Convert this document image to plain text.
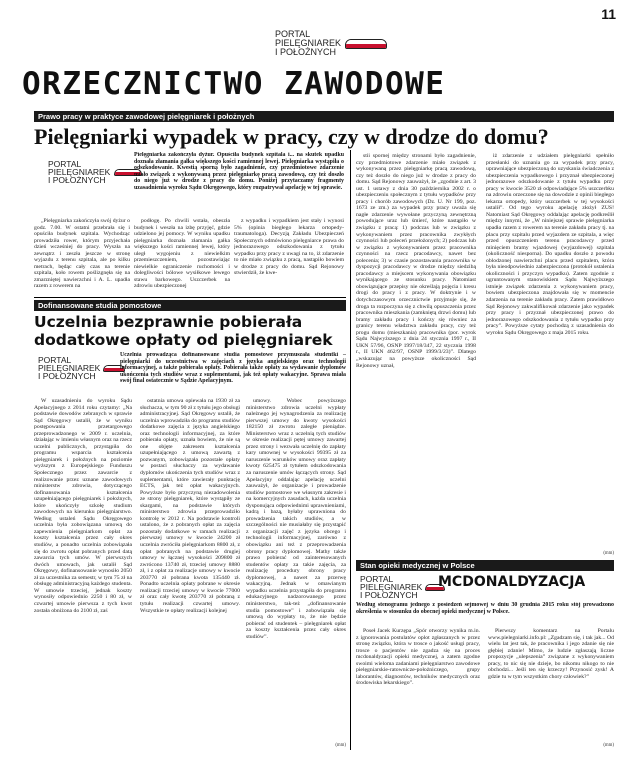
11
PORTAL
PIELĘGNIAREK
I POŁOŻNYCH
ORZECZNICTWO ZAWODOWE
Prawo pracy w praktyce zawodowej pielęgniarek i położnych
Pielęgniarki wypadek w pracy, czy w drodze do domu?
PORTAL
PIELĘGNIAREK
I POŁOŻNYCH
Pielęgniarka zakończyła dyżur. Opuściła budynek szpitala i... na skutek upadku doznała złamania gałka większego kości ramiennej lewej. Pielęgniarka wystąpiła o odszkodowanie. Kwestią sporną było zagadnienie, czy przedmiotowe zdarzenie miało związek z wykonywaną przez pielęgniarkę pracą zawodową, czy też doszło do niego już w drodze z pracy do domu. Poniżej przytaczamy fragmenty uzasadnienia wyroku Sądu Okręgowego, który rozpatrywał apelację w tej sprawie.

„Pielęgniarka zakończyła swój dyżur o godz. 7.00. W ostatni przebrała się i opuściła budynek szpitala. Wychodząc prowadziła rower, którym przyjechała dzień wcześniej do pracy. Wyszła na zewnątrz i zeszła jeszcze w stronę wyjazdu z terenu szpitala, ale po kilku metrach, będąc cały czas na terenie szpitala, koło rowem poślizgnęła się na zmarzniętej nawierzchni i A. L. upadła razem z rowerem na

podłogę. Po chwili wstała, obeszła budynek i weszła na izbę przyjęć, gdzie udzielono jej pomocy. W wyniku upadku pielęgniarka doznała złamania gałka większego kości ramiennej lewej, który uległ wygojeniu z niewielkim przemieszczeniem, pozostawiając niewielkie ograniczenie ruchomości i dolegliwości bólowe wysiłkowe lewego stawu barkowego. Uszczerbek na zdrowiu ubezpieczonej

z wypadku i wypadkiem jest stały i wynosi 5% (opinia biegłego lekarza ortopedy-traumatologa). Decyzją Zakładu Ubezpieczeń Społecznych odmówiono pielęgniarce prawa do jednorazowego odszkodowania z tytułu wypadku przy pracy z uwagi na to, iż zdarzenie to nie miało związku z pracą, nastąpiło bowiem w drodze z pracy do domu. Sąd Rejonowy stwierdził, że kwe-

stii spornej między stronami było zagadnienie, czy przedmiotowe zdarzenie miało związek z wykonywaną przez pielęgniarkę pracą zawodową, czy też doszło do niego już w drodze z pracy do domu. Sąd Rejonowy zauważył, że „zgodnie z art. 3 ust. 1 ustawy z dnia 30 października 2002 r. o ubezpieczeniu społecznym z tytułu wypadków przy pracy i chorób zawodowych (Dz. U. Nr 199, poz. 1673 ze zm.) za wypadek przy pracy uważa się nagłe zdarzenie wywołane przyczyną zewnętrzną powodujące uraz lub śmierć, które nastąpiło w związku z pracą: 1) podczas lub w związku z wykonywaniem przez pracownika zwykłych czynności lub poleceń przełożonych; 2) podczas lub w związku z wykonywaniem przez pracownika czynności na rzecz pracodawcy, nawet bez polecenia; 3) w czasie pozostawania pracownika w dyspozycji pracodawcy w drodze między siedzibą pracodawcy a miejscem wykonywania obowiązku wynikającego ze stosunku pracy. Natomiast obowiązujące przepisy nie określają pojęcia i kresu drogi do pracy i z pracy. W doktrynie i w dotychczasowym orzecznictwie przyjmuje się, że droga ta rozpoczyna się z chwilą opuszczenia przez pracownika mieszkania (zamkniętą drzwi domu) lub bramy zakładu pracy i kończy się równiez za granicy terenu władztwa zakładu pracy, czy też progu domu (mieszkania) pracownika (por. wyrok Sądu Najwyższego z dnia 24 stycznia 1997 r., II UKN 57/96, OSNP 1997/18/347, 22 stycznia 1998 r., II UKN 462/97, OSNP 1999/3/23)”. Dlatego „wskazując na powyższe okoliczności Sąd Rejonowy uznał,

iż zdarzenie z udziałem pielęgniarki spełniło przesłanki do uznania go za wypadek przy pracy, uprawniające ubezpieczoną do uzyskania świadczenia z ubezpieczenia wypadkowego i przyznał ubezpieczonej jednorazowe odszkodowanie z tytułu wypadku przy pracy w kwocie 3520 zł odpowiadające 5% uszczerbku na zdrowiu orzeczone się na dowodzie z opinii biegłego lekarza ortopedy, który uszczerbek w tej wysokości ustalił”. Od tego wyroku apelację złożył ZUS! Natomiast Sąd Okręgowy oddalając apelację podkreślił między innymi, że „W niniejszej sprawie pielęgniarka upadła razem z rowerem na terenie zakładu pracy tj. na placu przy szpitalu przed wyjazdem ze szpitala, a więc przed opuszczeniem terenu pracodawcy przed minięciem bramy wjazdowej (wyjazdowej) szpitala (okoliczność niesporna). Do upadku doszło z powodu oblodzonej nawierzchni placu przed szpitalem, która była nieodpowiednio zabezpieczona (protokół ustalenia okoliczności i przyczyn wypadku). Zatem zgodnie z ugruntowanym stanowiskiem Sądu Najwyższego istnieje związek zdarzenia z wykonywaniem pracy, bowiem ubezpieczona znajdowała się w momencie zdarzenia na terenie zakładu pracy. Zatem prawidłowo Sąd Rejonowy zakwalifikował zdarzenie jako wypadek przy pracy i przyznał ubezpieczonej prawo do jednorazowego odszkodowania z tytułu wypadku przy pracy”. Powyższe cytaty pochodzą z uzasadnienia do wyroku Sądu Okręgowego z maja 2015 roku.

(mm)
Dofinansowane studia pomostowe
Uczelnia bezprawnie pobierała dodatkowe opłaty od pielęgniarek
PORTAL
PIELĘGNIAREK
I POŁOŻNYCH
Uczelnia prowadząca dofinansowane studia pomostowe przymuszała studentki – pielęgniarki do uczestnictwa w zajęciach z języka angielskiego oraz technologii informacyjnej, a także pobierała opłaty. Pobierała także opłaty za wydawanie dyplomów ukończenia tych studiów wraz z suplementami, jak też opłaty wakacyjne. Sprawa miała swój final ostatecznie w Sądzie Apelacyjnym.

W uzasadnieniu do wyroku Sądu Apelacyjnego z 2014 roku czytamy: „Na podstawie dowodów zebranych w sprawie Sąd Okręgowy ustalił, że w wyniku postępowania przetargowego przeprowadzonego w 2009 r. uczelnia, działając w imieniu własnym oraz na rzecz uczelni publicznych, przystąpiła do programu wsparcia kształcenia pielęgniarek i położnych na poziomie wyższym z Europejskiego Funduszu Społecznego przez zawarcie z realizowanie przez uznane zawodowych ministerstw zdrowia, dotyczącego dofinansowania kształcenia uzupełniającego pielęgniarek i położnych, które ukończyły szkołę studium zawodowych na kierunku pielęgniarstwo. Według ustaleń Sądu Okręgowego uczelnia była zobowiązana umową do zapewnienia pielęgniarkom opłat za koszty kształcenia przez cały okres studiów, a ponadto uczelnia zobowiązała się do zwrotu opłat pobranych przed datą zawarcia tych umów. W pierwszych dwóch umowach, jak ustalił Sąd Okręgowy, dofinansowanie wynosiło 2050 zł za uczestnika za semestr, w tym 75 zł na obsługę administracyjną każdego studenta. W umowie trzeciej, jednak koszty wynosiły odpowiednio 2250 i 80 zł, w czwartej umowie pierwsza z tych kwot została obniżona do 2100 zł, zaś

ostatnia umowa opiewała na 1930 zł za słuchacza, w tym 90 zł z tytułu jego obsługi administracyjnej. Sąd Okręgowy ustalił, że uczelnia wprowadziła do programu studiów dodatkowe zajęcia z języka angielskiego oraz technologii informacyjnej, za które pobierała opłaty, uznała bowiem, że nie są one objęte zakresem kształcenia uzupełniającego z umową zawartą z pozwanym, zobowiązała pozostałe opłaty w postaci słuchaczy za wydawanie dyplomów ukończenia tych studiów wraz z suplementami, które zawierały punktację ECTS, jak też opłat wakacyjnych. Powyższe było przyczyną niezadowolenia ze strony pielęgniarek, które wystąpiły ze skargami, na podstawie których ministerstwo zdrowia przeprowadziło kontrolę w 2012 r. Na podstawie kontroli ustalono, że z pobranych opłat za zajęcia pozostały dodatkowe w ramach realizacji pierwszej umowy w kwocie 24200 zł uczelnia zwróciła pielęgniarkom 8800 zł, z opłat pobranych na podstawie drugiej umowy w łącznej wysokości 209800 zł zwrócono 13740 zł, trzeciej umowy 8880 zł, i z opłat za realizacje umowy w kwocie 203770 zł pobrana kwota 135440 zł. Ponadto uczelnia opłaty pobrane w okresie realizacji trzeciej umowy w kwocie 77000 zł oraz cały kwotę 203770 zł pobraną z tytułu realizacji czwartej umowy. Wszystkie te opłaty realizacji kolejnej

umowy. Wobec powyższego ministerstwo zdrowia uczelni wypłaty należnego jej wynagrodzenia za realizację pierwszej umowy do kwoty wysokości 182150 zł zwrotu zaległe pieniądze. Ministerstwo wraz z uczelnią tych studiów w okresie realizacji pętej umowy zawartej przez strony i wezwała uczelnię do zapłaty kary umownej w wysokości 99395 zł za naruszenie warunków umowy oraz zapłaty kwoty 625475 zł tytułem odszkodowania za naruszenie umów łączących strony. Sąd Apelacyjny oddalając apelację uczelni zauważył, że organizacje i prowadzenie studiów pomostowe we własnym zakresie i na komercyjnych zasadach, każda uczelnia dysponująca odpowiednimi uprawnieniami, kadrą i bazą, byłaby uprawniona do prowadzenia takich studiów, a w szczególności nie musiałaby się przystąpić z organizacji zajęć z języka obcego i technologii informacyjnej, zarówno z obowiązku ani też z przeprowadzenia obrony pracy dyplomowej. Mathy także prawo pobierać od zainteresowanych studentów opłaty za takie zajęcia, za realizację procedury obrony pracy dyplomowej, a nawet za przerwę wakacyjną. Jednak w omawianym wypadku uczelnia przystąpiła do programu edukacyjnego nadzorowanego przez ministerstwo, tak-też „dofinansowanie studia pomostowe” i zobowiązała się umową do wypłaty to, że nie będzie pobierać od studentek – pielęgniarek opłat za koszty kształcenia przez cały okres studiów”.

(mm)
Stan opieki medycznej w Polsce
PORTAL
PIELĘGNIAREK
I POŁOŻNYCH
MCDONALDYZACJA
Według stenogramu jednego z posiedzeń sejmowej w dniu 30 grudnia 2015 roku stój prowadzono określenia w stosunku do obecnej opieki medycznej w Polsce.

Poseł Jacek Kurzępa „Spór otworzy wynika m.in. z ignorowania postulatów oplot zgłaszanych w przez stronę związku, która w trosce o jakość usługi pracy, trosce o pacjentów nie zgadza się na proces mcdonaldyzacji opieki medycznej, a zatem zgodne swoimi wieloma zadaniami pielęgniarstwo zawodowe pielęgniarskie-ratownicze-położniczego, grupy laborantów, diagnostów, techników medycznych oraz środowiska lekarskiego”.

Pierwszy komentarz na Portalu www.pielegniarki.info.pl: „Zgadzam się, i tak jak... Od wielu lat jest tak, że pracownika i jego zdanie się nie głębiej zdanie! Mimo, że ludzie zgłaszają liczne propozycje „ulepszenia” związane z wykonywaniem pracy, to nic się nie dzieje, bo nikomu nikogo to nie obchodzi... Jeśli ten się krzeczy! Przynosić zysk! A gdzie tu w tym wszystkim chory człowiek?”

(mm)
